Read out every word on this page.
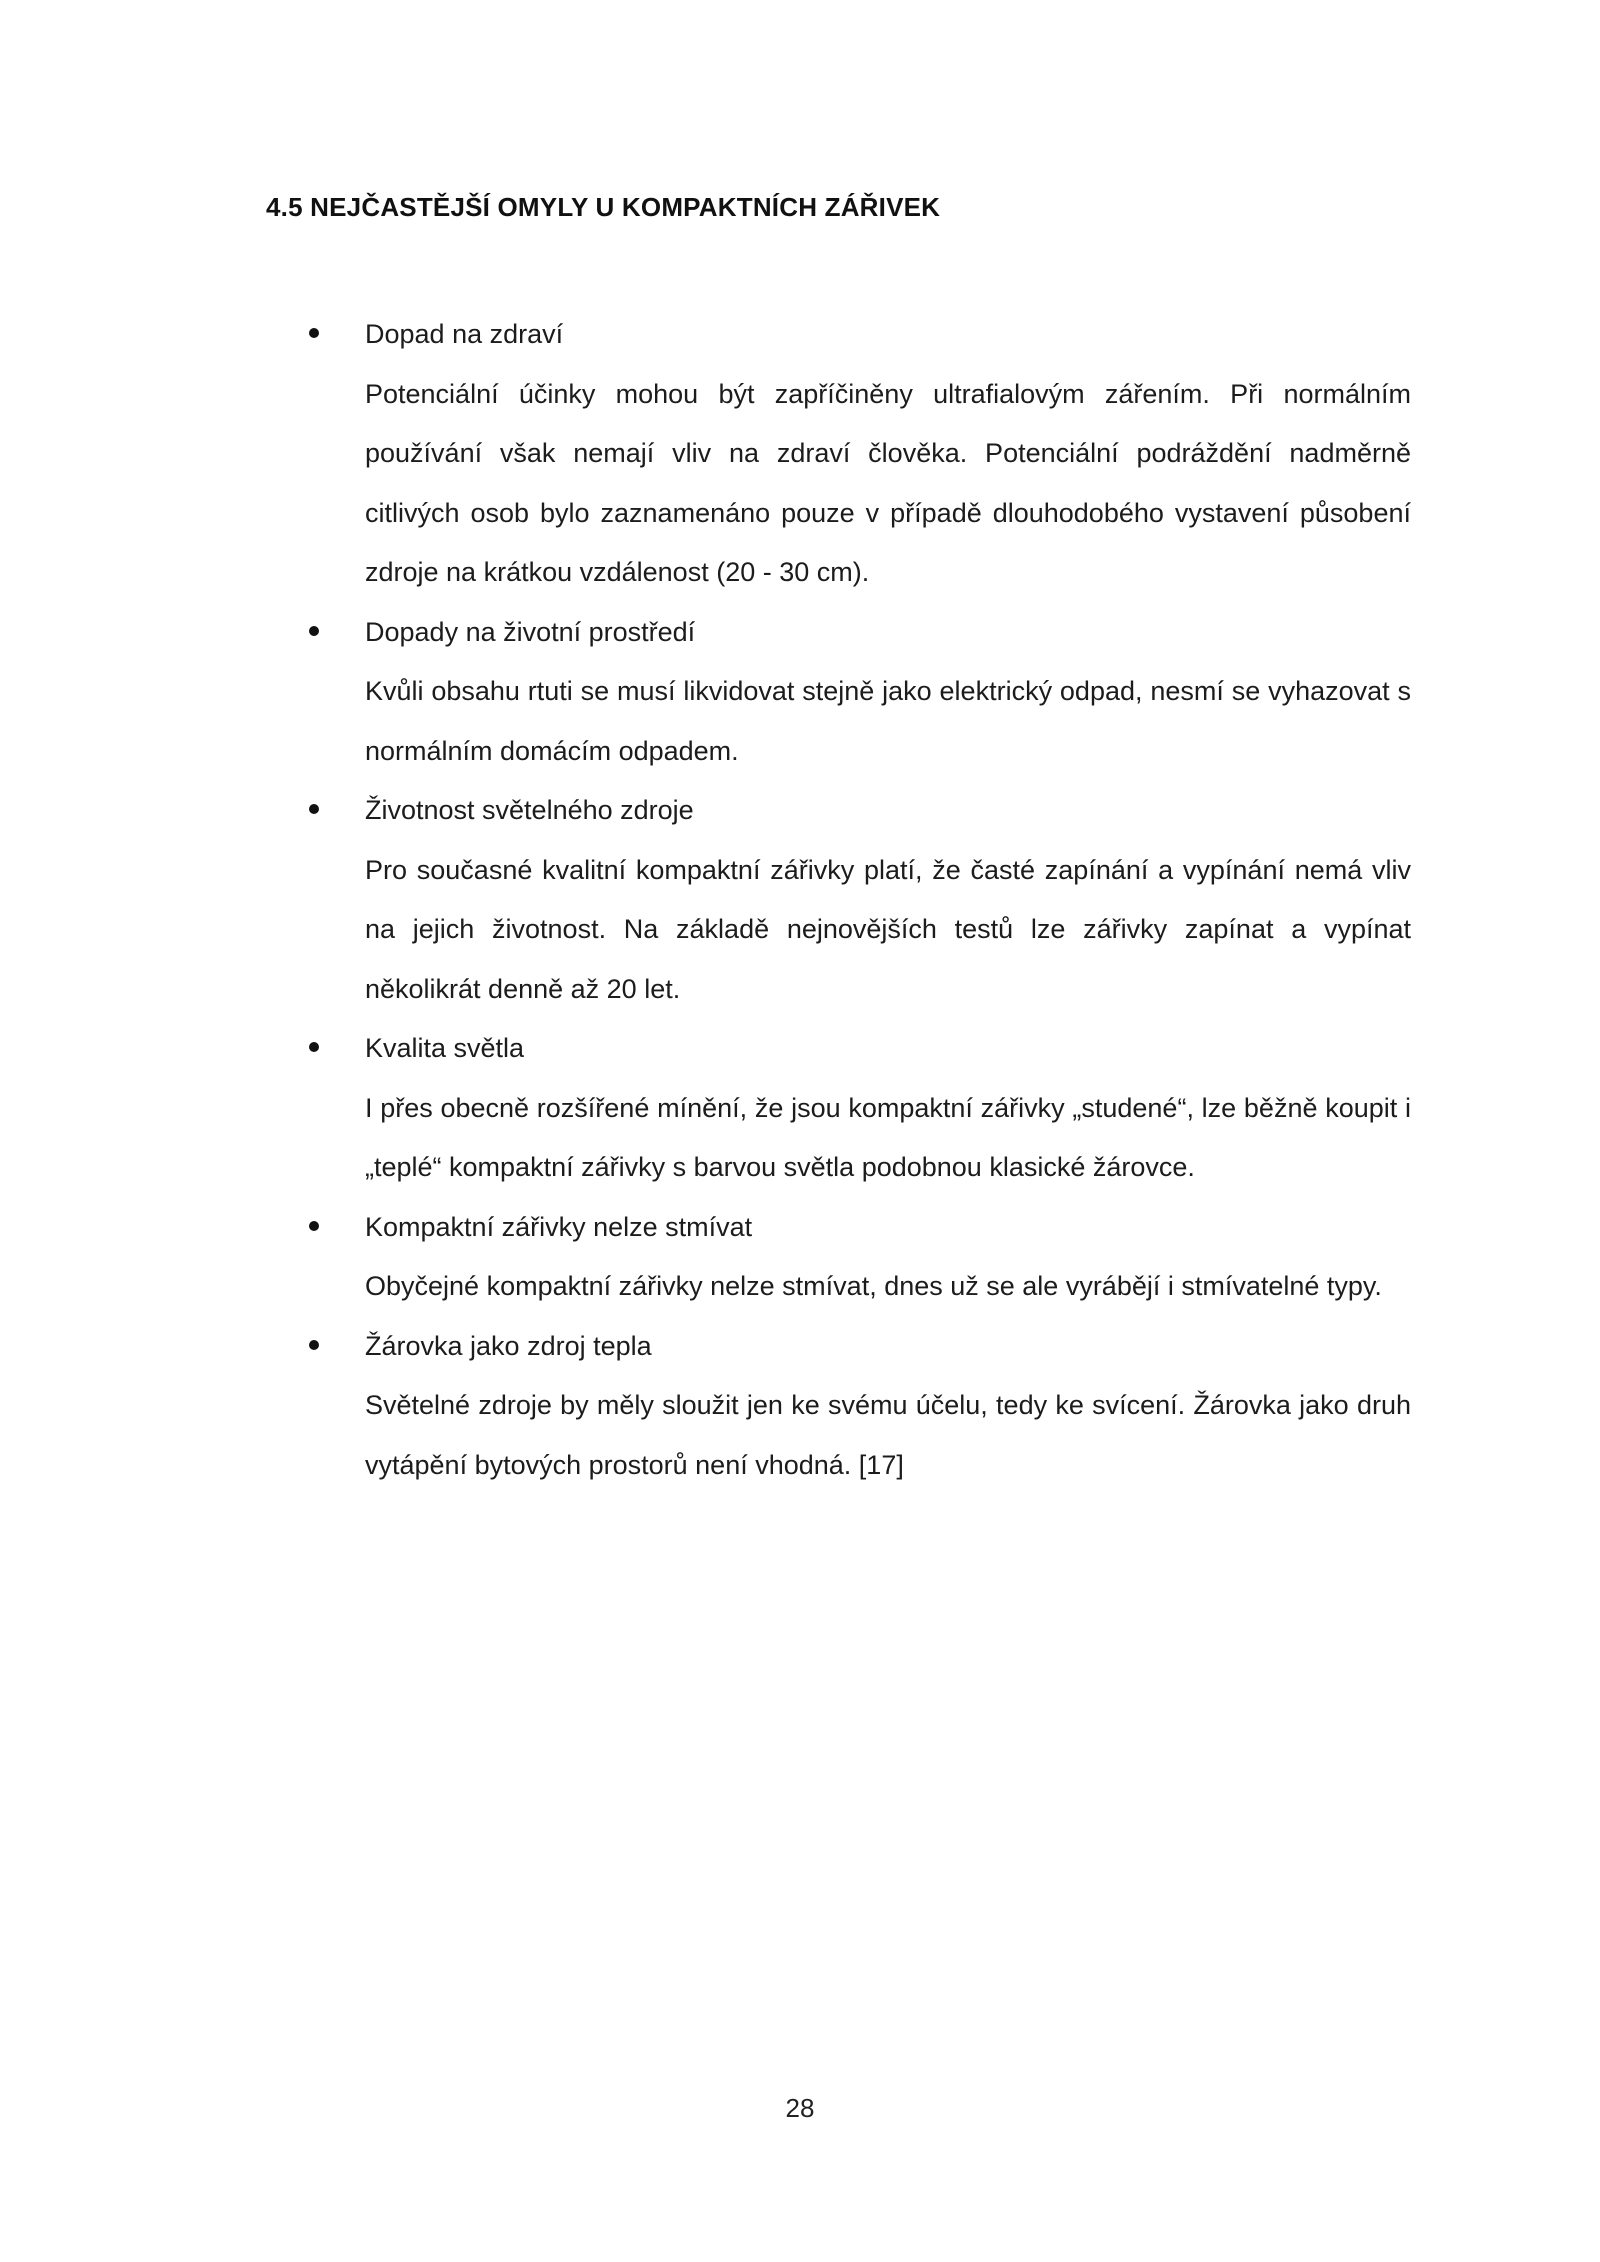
4.5 NEJČASTĚJŠÍ OMYLY U KOMPAKTNÍCH ZÁŘIVEK
Dopad na zdraví
Potenciální účinky mohou být zapříčiněny ultrafialovým zářením. Při normálním používání však nemají vliv na zdraví člověka. Potenciální podráždění nadměrně citlivých osob bylo zaznamenáno pouze v případě dlouhodobého vystavení působení zdroje na krátkou vzdálenost (20 - 30 cm).
Dopady na životní prostředí
Kvůli obsahu rtuti se musí likvidovat stejně jako elektrický odpad, nesmí se vyhazovat s normálním domácím odpadem.
Životnost světelného zdroje
Pro současné kvalitní kompaktní zářivky platí, že časté zapínání a vypínání nemá vliv na jejich životnost. Na základě nejnovějších testů lze zářivky zapínat a vypínat několikrát denně až 20 let.
Kvalita světla
I přes obecně rozšířené mínění, že jsou kompaktní zářivky „studené“, lze běžně koupit i „teplé“ kompaktní zářivky s barvou světla podobnou klasické žárovce.
Kompaktní zářivky nelze stmívat
Obyčejné kompaktní zářivky nelze stmívat, dnes už se ale vyrábějí i stmívatelné typy.
Žárovka jako zdroj tepla
Světelné zdroje by měly sloužit jen ke svému účelu, tedy ke svícení. Žárovka jako druh vytápění bytových prostorů není vhodná. [17]
28
